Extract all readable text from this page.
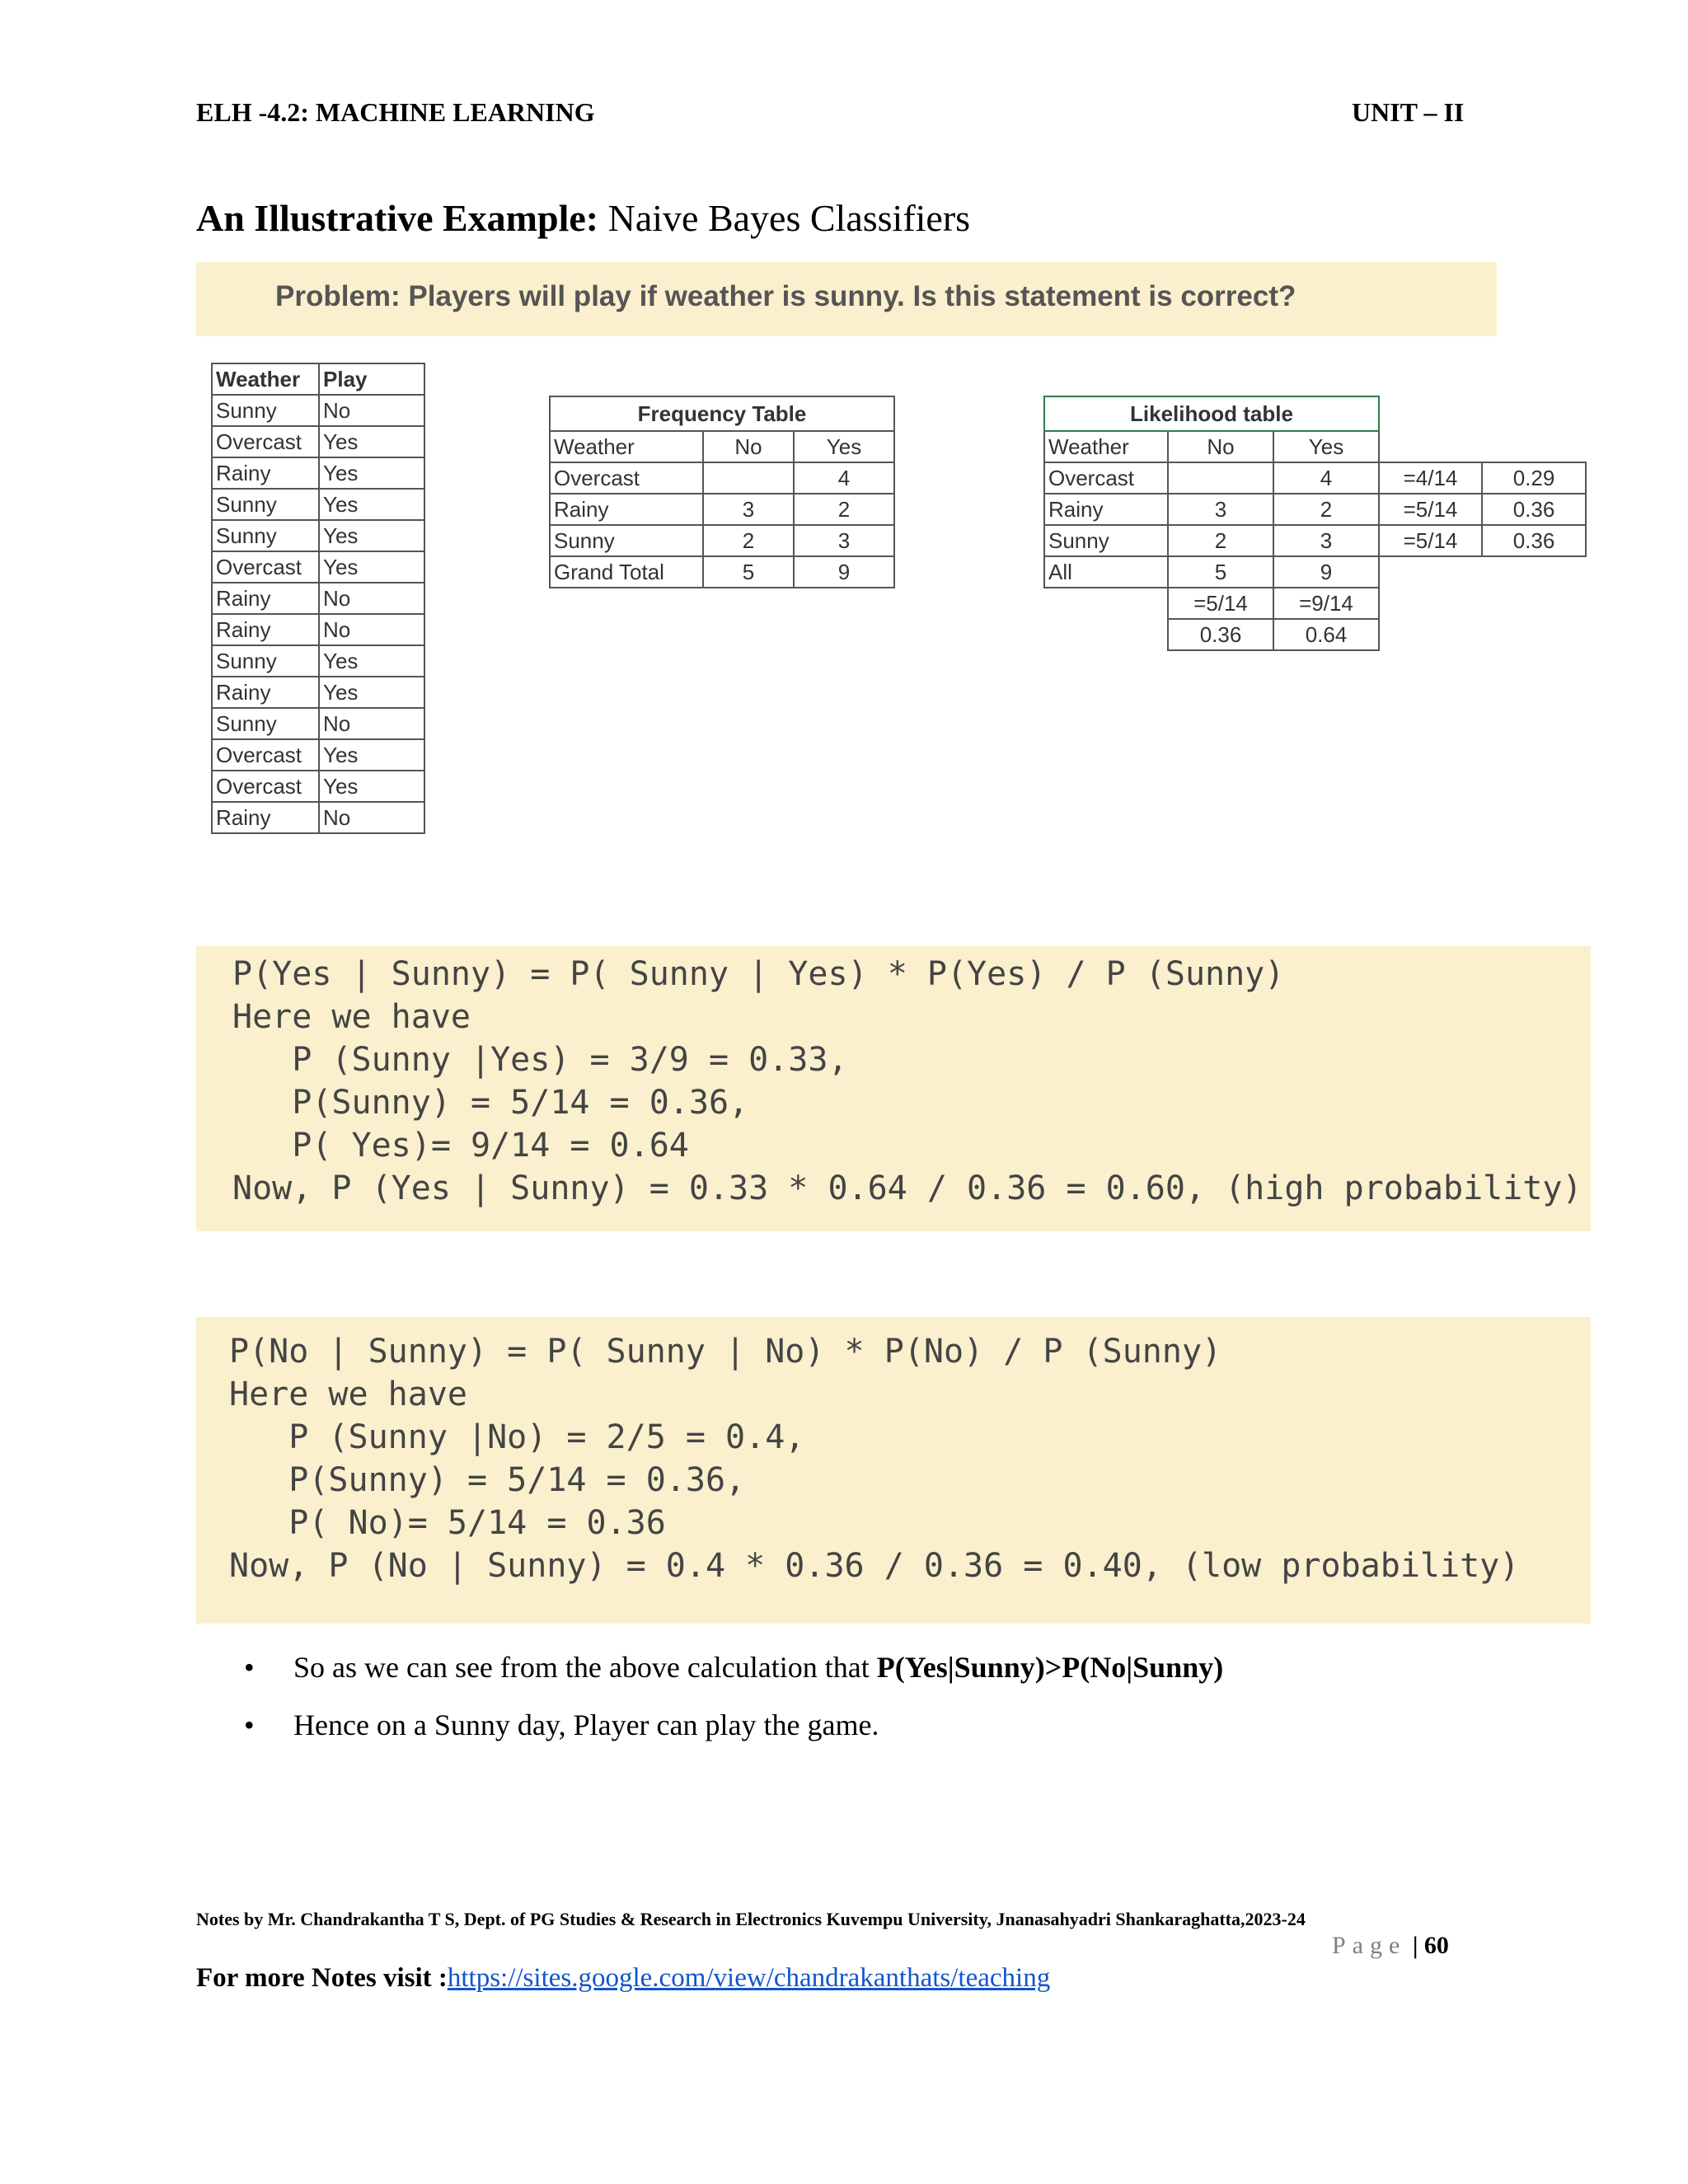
ELH -4.2: MACHINE LEARNING	UNIT – II
An Illustrative Example: Naive Bayes Classifiers
Problem: Players will play if weather is sunny. Is this statement is correct?
Weather	Play
Sunny	No
Overcast	Yes
Rainy	Yes
Sunny	Yes
Sunny	Yes
Overcast	Yes
Rainy	No
Rainy	No
Sunny	Yes
Rainy	Yes
Sunny	No
Overcast	Yes
Overcast	Yes
Rainy	No
Frequency Table		
Weather	No	Yes
Overcast		4
Rainy	3	2
Sunny	2	3
Grand Total	5	9
Likelihood table				
Weather	No	Yes		
Overcast		4	=4/14	0.29
Rainy	3	2	=5/14	0.36
Sunny	2	3	=5/14	0.36
All	5	9		
	=5/14	=9/14		
	0.36	0.64		
P(Yes | Sunny) = P( Sunny | Yes) * P(Yes) / P (Sunny)
Here we have
P (Sunny |Yes) = 3/9 = 0.33,
P(Sunny) = 5/14 = 0.36,
P( Yes)= 9/14 = 0.64
Now, P (Yes | Sunny) = 0.33 * 0.64 / 0.36 = 0.60, (high probability)
P(No | Sunny) = P( Sunny | No) * P(No) / P (Sunny)
Here we have
P (Sunny |No) = 2/5 = 0.4,
P(Sunny) = 5/14 = 0.36,
P( No)= 5/14 = 0.36
Now, P (No | Sunny) = 0.4 * 0.36 / 0.36 = 0.40, (low probability)
• So as we can see from the above calculation that P(Yes|Sunny)>P(No|Sunny)
• Hence on a Sunny day, Player can play the game.
Notes by Mr. Chandrakantha T S, Dept. of PG Studies & Research in Electronics Kuvempu University, Jnanasahyadri Shankaraghatta,2023-24
Page | 60
For more Notes visit :https://sites.google.com/view/chandrakanthats/teaching
